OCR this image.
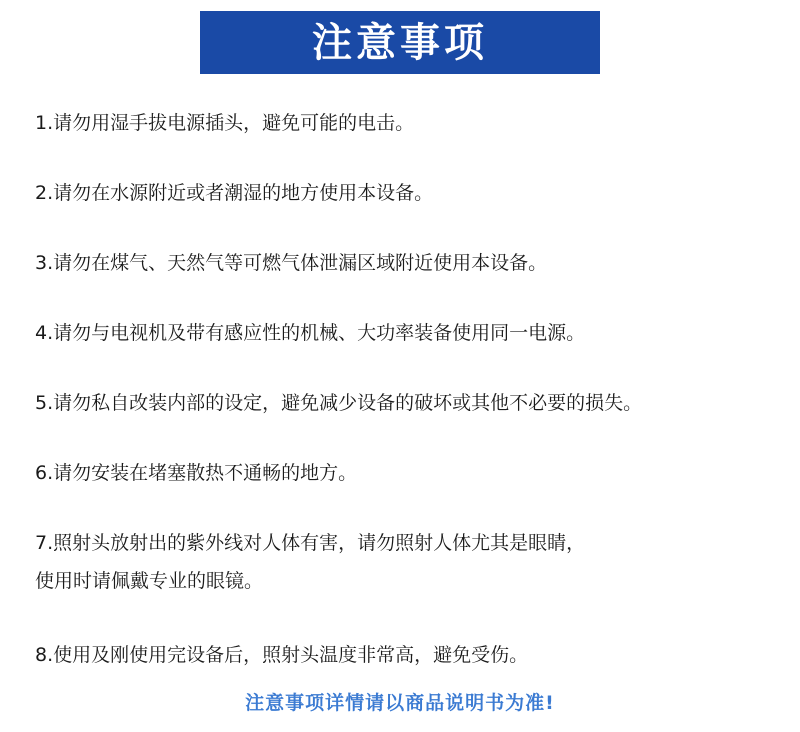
注意事项
1.请勿用湿手拔电源插头，避免可能的电击。
2.请勿在水源附近或者潮湿的地方使用本设备。
3.请勿在煤气、天然气等可燃气体泄漏区域附近使用本设备。
4.请勿与电视机及带有感应性的机械、大功率装备使用同一电源。
5.请勿私自改装内部的设定，避免减少设备的破坏或其他不必要的损失。
6.请勿安装在堵塞散热不通畅的地方。
7.照射头放射出的紫外线对人体有害，请勿照射人体尤其是眼睛，
使用时请佩戴专业的眼镜。
8.使用及刚使用完设备后，照射头温度非常高，避免受伤。
注意事项详情请以商品说明书为准!
